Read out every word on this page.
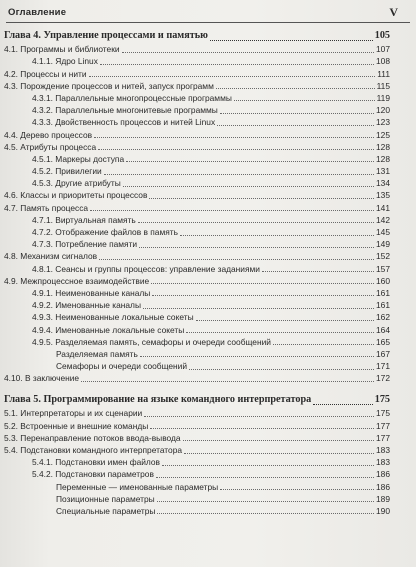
Оглавление	V
Глава 4. Управление процессами и памятью	105
4.1. Программы и библиотеки	107
4.1.1. Ядро Linux	108
4.2. Процессы и нити	111
4.3. Порождение процессов и нитей, запуск программ	115
4.3.1. Параллельные многопроцессные программы	119
4.3.2. Параллельные многонитевые программы	120
4.3.3. Двойственность процессов и нитей Linux	123
4.4. Дерево процессов	125
4.5. Атрибуты процесса	128
4.5.1. Маркеры доступа	128
4.5.2. Привилегии	131
4.5.3. Другие атрибуты	134
4.6. Классы и приоритеты процессов	135
4.7. Память процесса	141
4.7.1. Виртуальная память	142
4.7.2. Отображение файлов в память	145
4.7.3. Потребление памяти	149
4.8. Механизм сигналов	152
4.8.1. Сеансы и группы процессов: управление заданиями	157
4.9. Межпроцессное взаимодействие	160
4.9.1. Неименованные каналы	161
4.9.2. Именованные каналы	161
4.9.3. Неименованные локальные сокеты	162
4.9.4. Именованные локальные сокеты	164
4.9.5. Разделяемая память, семафоры и очереди сообщений	165
Разделяемая память	167
Семафоры и очереди сообщений	171
4.10. В заключение	172
Глава 5. Программирование на языке командного интерпретатора	175
5.1. Интерпретаторы и их сценарии	175
5.2. Встроенные и внешние команды	177
5.3. Перенаправление потоков ввода-вывода	177
5.4. Подстановки командного интерпретатора	183
5.4.1. Подстановки имен файлов	183
5.4.2. Подстановки параметров	186
Переменные — именованные параметры	186
Позиционные параметры	189
Специальные параметры	190
